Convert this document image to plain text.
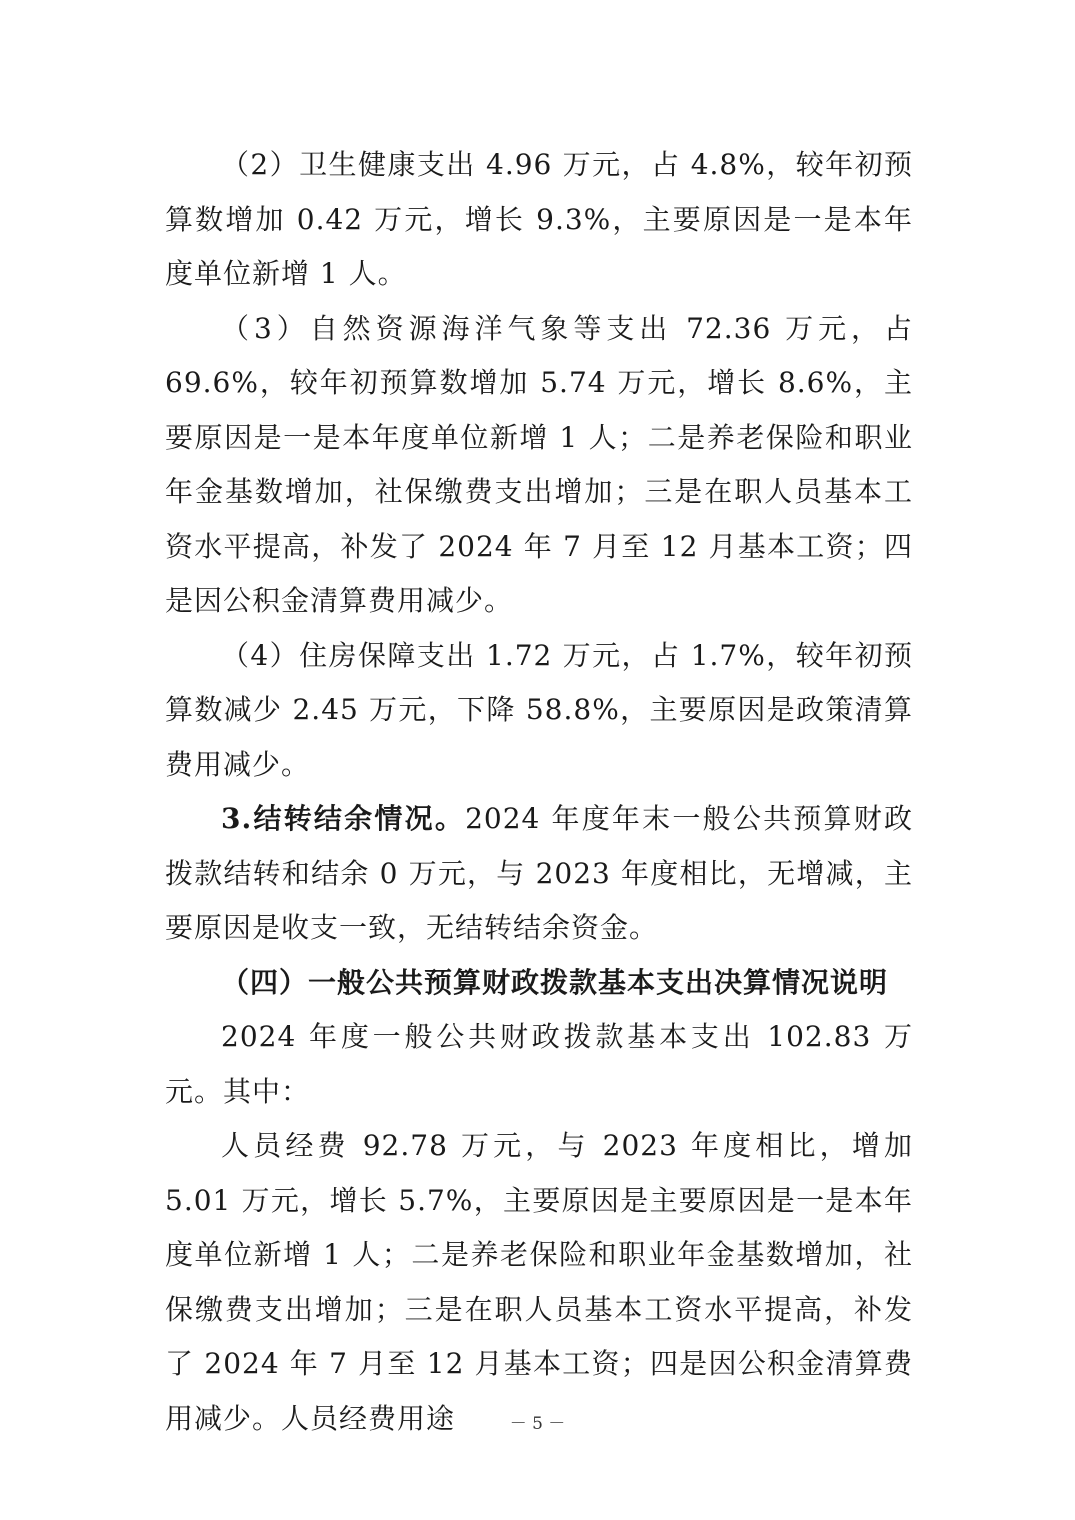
（2）卫生健康支出 4.96 万元，占 4.8%，较年初预算数增加 0.42 万元，增长 9.3%，主要原因是一是本年度单位新增 1 人。

（3）自然资源海洋气象等支出 72.36 万元，占 69.6%，较年初预算数增加 5.74 万元，增长 8.6%，主要原因是一是本年度单位新增 1 人；二是养老保险和职业年金基数增加，社保缴费支出增加；三是在职人员基本工资水平提高，补发了 2024 年 7 月至 12 月基本工资；四是因公积金清算费用减少。

（4）住房保障支出 1.72 万元，占 1.7%，较年初预算数减少 2.45 万元，下降 58.8%，主要原因是政策清算费用减少。

3.结转结余情况。2024 年度年末一般公共预算财政拨款结转和结余 0 万元，与 2023 年度相比，无增减，主要原因是收支一致，无结转结余资金。

（四）一般公共预算财政拨款基本支出决算情况说明

2024 年度一般公共财政拨款基本支出 102.83 万元。其中：

人员经费 92.78 万元，与 2023 年度相比，增加 5.01 万元，增长 5.7%，主要原因是主要原因是一是本年度单位新增 1 人；二是养老保险和职业年金基数增加，社保缴费支出增加；三是在职人员基本工资水平提高，补发了 2024 年 7 月至 12 月基本工资；四是因公积金清算费用减少。人员经费用途	－ 5 －
